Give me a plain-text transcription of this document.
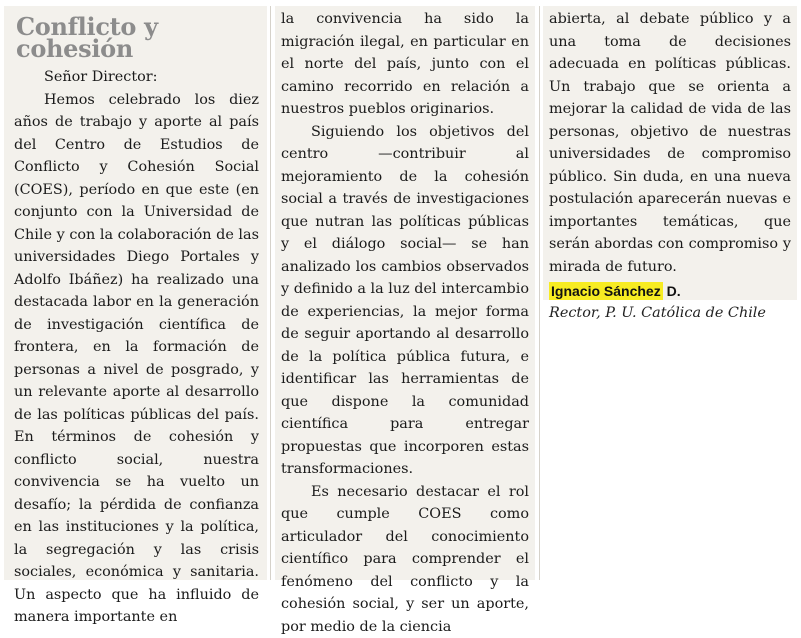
Conflicto y cohesión

Señor Director:

Hemos celebrado los diez años de trabajo y aporte al país del Centro de Estudios de Conflicto y Cohesión Social (COES), período en que este (en conjunto con la Universidad de Chile y con la colaboración de las universidades Diego Portales y Adolfo Ibáñez) ha realizado una destacada labor en la generación de investigación científica de frontera, en la formación de personas a nivel de posgrado, y un relevante aporte al desarrollo de las políticas públicas del país. En términos de cohesión y conflicto social, nuestra convivencia se ha vuelto un desafío; la pérdida de confianza en las instituciones y la política, la segregación y las crisis sociales, económica y sanitaria. Un aspecto que ha influido de manera importante en

la convivencia ha sido la migración ilegal, en particular en el norte del país, junto con el camino recorrido en relación a nuestros pueblos originarios.

Siguiendo los objetivos del centro —contribuir al mejoramiento de la cohesión social a través de investigaciones que nutran las políticas públicas y el diálogo social— se han analizado los cambios observados y definido a la luz del intercambio de experiencias, la mejor forma de seguir aportando al desarrollo de la política pública futura, e identificar las herramientas de que dispone la comunidad científica para entregar propuestas que incorporen estas transformaciones.

Es necesario destacar el rol que cumple COES como articulador del conocimiento científico para comprender el fenómeno del conflicto y la cohesión social, y ser un aporte, por medio de la ciencia

abierta, al debate público y a una toma de decisiones adecuada en políticas públicas. Un trabajo que se orienta a mejorar la calidad de vida de las personas, objetivo de nuestras universidades de compromiso público. Sin duda, en una nueva postulación aparecerán nuevas e importantes temáticas, que serán abordas con compromiso y mirada de futuro.

Ignacio Sánchez D.
Rector, P. U. Católica de Chile
